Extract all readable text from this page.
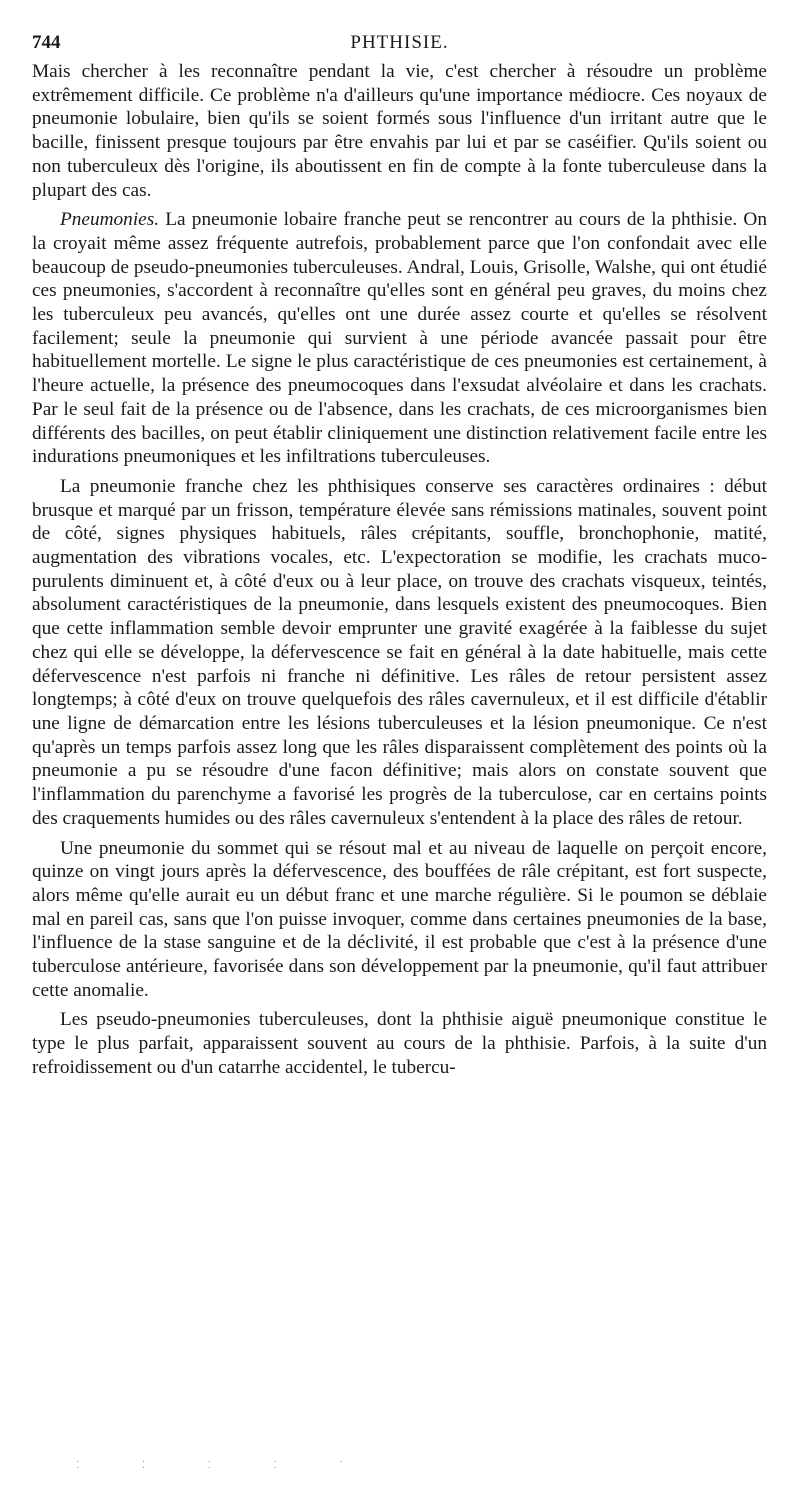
744	PHTHISIE.

Mais chercher à les reconnaître pendant la vie, c'est chercher à résoudre un problème extrêmement difficile. Ce problème n'a d'ailleurs qu'une importance médiocre. Ces noyaux de pneumonie lobulaire, bien qu'ils se soient formés sous l'influence d'un irritant autre que le bacille, finissent presque toujours par être envahis par lui et par se caséifier. Qu'ils soient ou non tuberculeux dès l'origine, ils aboutissent en fin de compte à la fonte tuberculeuse dans la plupart des cas.

Pneumonies. La pneumonie lobaire franche peut se rencontrer au cours de la phthisie. On la croyait même assez fréquente autrefois, probablement parce que l'on confondait avec elle beaucoup de pseudo-pneumonies tuberculeuses. Andral, Louis, Grisolle, Walshe, qui ont étudié ces pneumonies, s'accordent à reconnaître qu'elles sont en général peu graves, du moins chez les tuberculeux peu avancés, qu'elles ont une durée assez courte et qu'elles se résolvent facilement; seule la pneumonie qui survient à une période avancée passait pour être habituellement mortelle. Le signe le plus caractéristique de ces pneumonies est certainement, à l'heure actuelle, la présence des pneumocoques dans l'exsudat alvéolaire et dans les crachats. Par le seul fait de la présence ou de l'absence, dans les crachats, de ces microorganismes bien différents des bacilles, on peut établir cliniquement une distinction relativement facile entre les indurations pneumoniques et les infiltrations tuberculeuses.

La pneumonie franche chez les phthisiques conserve ses caractères ordinaires : début brusque et marqué par un frisson, température élevée sans rémissions matinales, souvent point de côté, signes physiques habituels, râles crépitants, souffle, bronchophonie, matité, augmentation des vibrations vocales, etc. L'expectoration se modifie, les crachats muco-purulents diminuent et, à côté d'eux ou à leur place, on trouve des crachats visqueux, teintés, absolument caractéristiques de la pneumonie, dans lesquels existent des pneumocoques. Bien que cette inflammation semble devoir emprunter une gravité exagérée à la faiblesse du sujet chez qui elle se développe, la défervescence se fait en général à la date habituelle, mais cette défervescence n'est parfois ni franche ni définitive. Les râles de retour persistent assez longtemps; à côté d'eux on trouve quelquefois des râles cavernuleux, et il est difficile d'établir une ligne de démarcation entre les lésions tuberculeuses et la lésion pneumonique. Ce n'est qu'après un temps parfois assez long que les râles disparaissent complètement des points où la pneumonie a pu se résoudre d'une facon définitive; mais alors on constate souvent que l'inflammation du parenchyme a favorisé les progrès de la tuberculose, car en certains points des craquements humides ou des râles cavernuleux s'entendent à la place des râles de retour.

Une pneumonie du sommet qui se résout mal et au niveau de laquelle on perçoit encore, quinze on vingt jours après la défervescence, des bouffées de râle crépitant, est fort suspecte, alors même qu'elle aurait eu un début franc et une marche régulière. Si le poumon se déblaie mal en pareil cas, sans que l'on puisse invoquer, comme dans certaines pneumonies de la base, l'influence de la stase sanguine et de la déclivité, il est probable que c'est à la présence d'une tuberculose antérieure, favorisée dans son développement par la pneumonie, qu'il faut attribuer cette anomalie.

Les pseudo-pneumonies tuberculeuses, dont la phthisie aiguë pneumonique constitue le type le plus parfait, apparaissent souvent au cours de la phthisie. Parfois, à la suite d'un refroidissement ou d'un catarrhe accidentel, le tubercu-

· · · · · · · · ·
